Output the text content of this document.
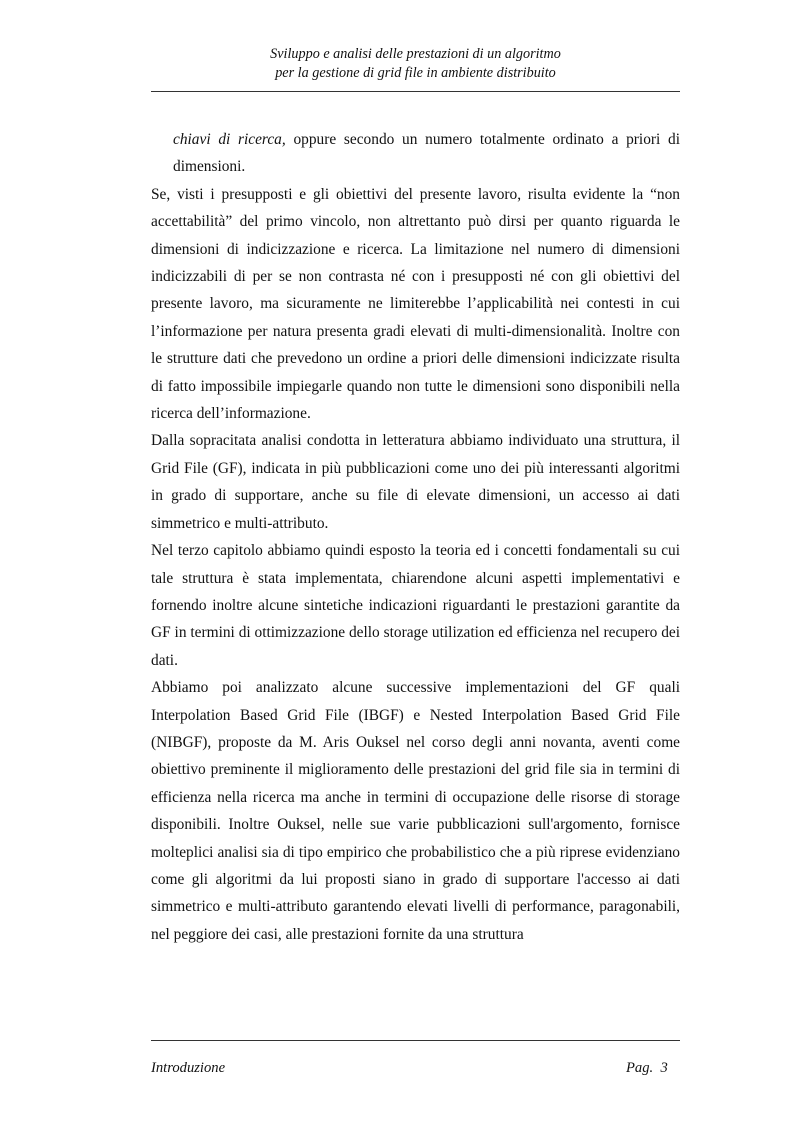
Sviluppo e analisi delle prestazioni di un algoritmo
per la gestione di grid file in ambiente distribuito

chiavi di ricerca, oppure secondo un numero totalmente ordinato a priori di dimensioni.

Se, visti i presupposti e gli obiettivi del presente lavoro, risulta evidente la “non accettabilità” del primo vincolo, non altrettanto può dirsi per quanto riguarda le dimensioni di indicizzazione e ricerca. La limitazione nel numero di dimensioni indicizzabili di per se non contrasta né con i presupposti né con gli obiettivi del presente lavoro, ma sicuramente ne limiterebbe l’applicabilità nei contesti in cui l’informazione per natura presenta gradi elevati di multi-dimensionalità. Inoltre con le strutture dati che prevedono un ordine a priori delle dimensioni indicizzate risulta di fatto impossibile impiegarle quando non tutte le dimensioni sono disponibili nella ricerca dell’informazione.

Dalla sopracitata analisi condotta in letteratura abbiamo individuato una struttura, il Grid File (GF), indicata in più pubblicazioni come uno dei più interessanti algoritmi in grado di supportare, anche su file di elevate dimensioni, un accesso ai dati simmetrico e multi-attributo.

Nel terzo capitolo abbiamo quindi esposto la teoria ed i concetti fondamentali su cui tale struttura è stata implementata, chiarendone alcuni aspetti implementativi e fornendo inoltre alcune sintetiche indicazioni riguardanti le prestazioni garantite da GF in termini di ottimizzazione dello storage utilization ed efficienza nel recupero dei dati.

Abbiamo poi analizzato alcune successive implementazioni del GF quali Interpolation Based Grid File (IBGF) e Nested Interpolation Based Grid File (NIBGF), proposte da M. Aris Ouksel nel corso degli anni novanta, aventi come obiettivo preminente il miglioramento delle prestazioni del grid file sia in termini di efficienza nella ricerca ma anche in termini di occupazione delle risorse di storage disponibili. Inoltre Ouksel, nelle sue varie pubblicazioni sull'argomento, fornisce molteplici analisi sia di tipo empirico che probabilistico che a più riprese evidenziano come gli algoritmi da lui proposti siano in grado di supportare l'accesso ai dati simmetrico e multi-attributo garantendo elevati livelli di performance, paragonabili, nel peggiore dei casi, alle prestazioni fornite da una struttura

Introduzione	Pag.  3
